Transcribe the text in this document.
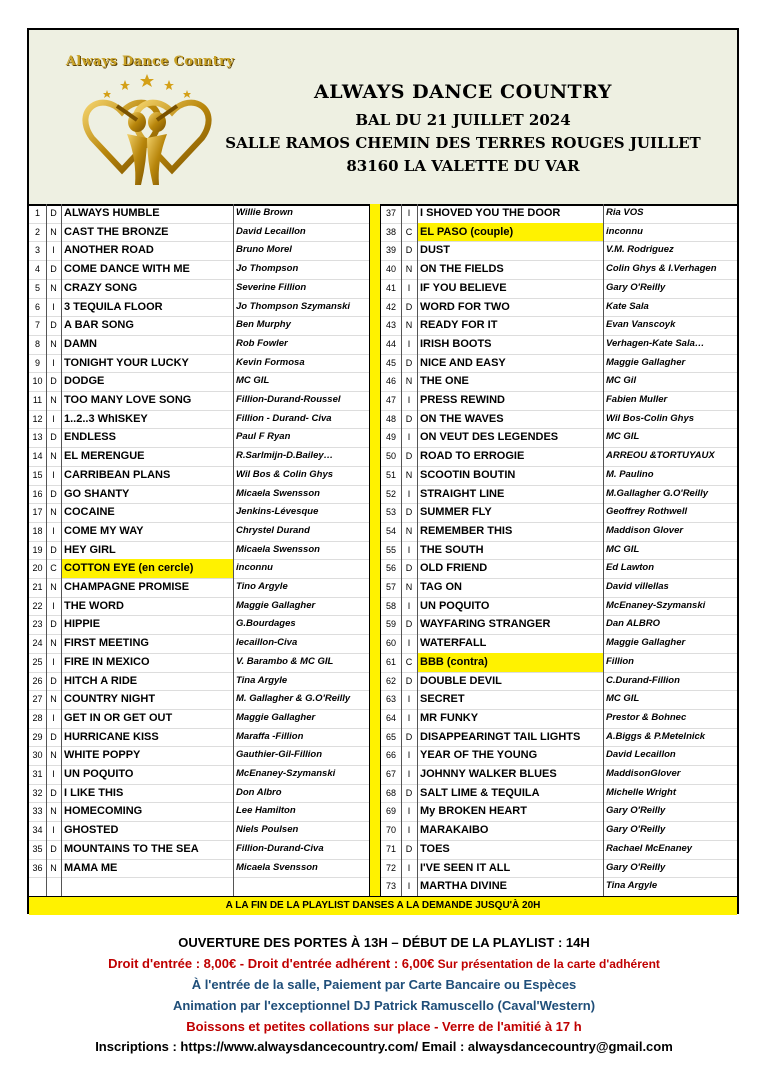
Always Dance Country
ALWAYS DANCE COUNTRY
BAL DU 21 JUILLET 2024
SALLE RAMOS CHEMIN DES TERRES ROUGES JUILLET
83160 LA VALETTE DU VAR
1	D ALWAYS HUMBLE	Willie Brown
2	N CAST THE BRONZE	David Lecaillon
3	I ANOTHER ROAD	Bruno Morel
4	D COME DANCE WITH ME	Jo Thompson
5	N CRAZY SONG	Severine Fillion
6	I 3 TEQUILA FLOOR	Jo Thompson Szymanski
7	D A BAR SONG	Ben Murphy
8	N DAMN	Rob Fowler
9	I TONIGHT YOUR LUCKY	Kevin Formosa
10 D DODGE	MC GIL
11 N TOO MANY LOVE SONG	Fillion-Durand-Roussel
12	I 1..2..3 WhISKEY	Fillion - Durand- Civa
13 D ENDLESS	Paul F Ryan
14 N EL MERENGUE	R.Sarlmijn-D.Bailey…
15	I CARRIBEAN PLANS	Wil Bos & Colin Ghys
16 D GO SHANTY	Micaela Swensson
17 N COCAINE	Jenkins-Lévesque
18	I COME MY WAY	Chrystel Durand
19 D HEY GIRL	Micaela Swensson
20 C COTTON EYE (en cercle)	inconnu
21 N CHAMPAGNE PROMISE	Tino Argyle
22	I THE WORD	Maggie Gallagher
23 D HIPPIE	G.Bourdages
24 N FIRST MEETING	lecaillon-Civa
25	I FIRE IN MEXICO	V. Barambo & MC GIL
26 D HITCH A RIDE	Tina Argyle
27 N COUNTRY NIGHT	M. Gallagher & G.O'Reilly
28	I GET IN OR GET OUT	Maggie Gallagher
29 D HURRICANE KISS	Maraffa -Fillion
30 N WHITE POPPY	Gauthier-Gil-Fillion
31	I UN POQUITO	McEnaney-Szymanski
32 D I LIKE THIS	Don Albro
33 N HOMECOMING	Lee Hamilton
34	I GHOSTED	Niels Poulsen
35 D MOUNTAINS TO THE SEA	Fillion-Durand-Civa
36 N MAMA ME	Micaela Svensson
37	I I SHOVED YOU THE DOOR	Ria VOS
38	C EL PASO (couple)	inconnu
39	D DUST	V.M. Rodriguez
40	N ON THE FIELDS	Colin Ghys & I.Verhagen
41	I IF YOU BELIEVE	Gary O'Reilly
42	D WORD FOR TWO	Kate Sala
43	N READY FOR IT	Evan Vanscoyk
44	I IRISH BOOTS	Verhagen-Kate Sala…
45	D NICE AND EASY	Maggie Gallagher
46	N THE ONE	MC Gil
47	I PRESS REWIND	Fabien Muller
48	D ON THE WAVES	Wil Bos-Colin Ghys
49	I ON VEUT DES LEGENDES	MC GIL
50	D ROAD TO ERROGIE	ARREOU &TORTUYAUX
51	N SCOOTIN BOUTIN	M. Paulino
52	I STRAIGHT LINE	M.Gallagher G.O'Reilly
53	D SUMMER FLY	Geoffrey Rothwell
54	N REMEMBER THIS	Maddison Glover
55	I THE SOUTH	MC GIL
56	D OLD FRIEND	Ed Lawton
57	N TAG ON	David villellas
58	I UN POQUITO	McEnaney-Szymanski
59	D WAYFARING STRANGER	Dan ALBRO
60	I WATERFALL	Maggie Gallagher
61	C BBB (contra)	Fillion
62	D DOUBLE DEVIL	C.Durand-Fillion
63	I SECRET	MC GIL
64	I MR FUNKY	Prestor & Bohnec
65	D DISAPPEARINGT TAIL LIGHTS	A.Biggs & P.Metelnick
66	I YEAR OF THE YOUNG	David Lecaillon
67	I JOHNNY WALKER BLUES	MaddisonGlover
68	D SALT LIME & TEQUILA	Michelle Wright
69	I My BROKEN HEART	Gary O'Reilly
70	I MARAKAIBO	Gary O'Reilly
71	D TOES	Rachael McEnaney
72	I I'VE SEEN IT ALL	Gary O'Reilly
73	I MARTHA DIVINE	Tina Argyle
A LA FIN DE LA PLAYLIST DANSES A LA DEMANDE JUSQU'À 20H
OUVERTURE DES PORTES À 13H – DÉBUT DE LA PLAYLIST : 14H
Droit d'entrée : 8,00€ - Droit d'entrée adhérent : 6,00€ Sur présentation de la carte d'adhérent
À l'entrée de la salle, Paiement par Carte Bancaire ou Espèces
Animation par l'exceptionnel DJ Patrick Ramuscello (Caval'Western)
Boissons et petites collations sur place - Verre de l'amitié à 17 h
Inscriptions : https://www.alwaysdancecountry.com/ Email : alwaysdancecountry@gmail.com
